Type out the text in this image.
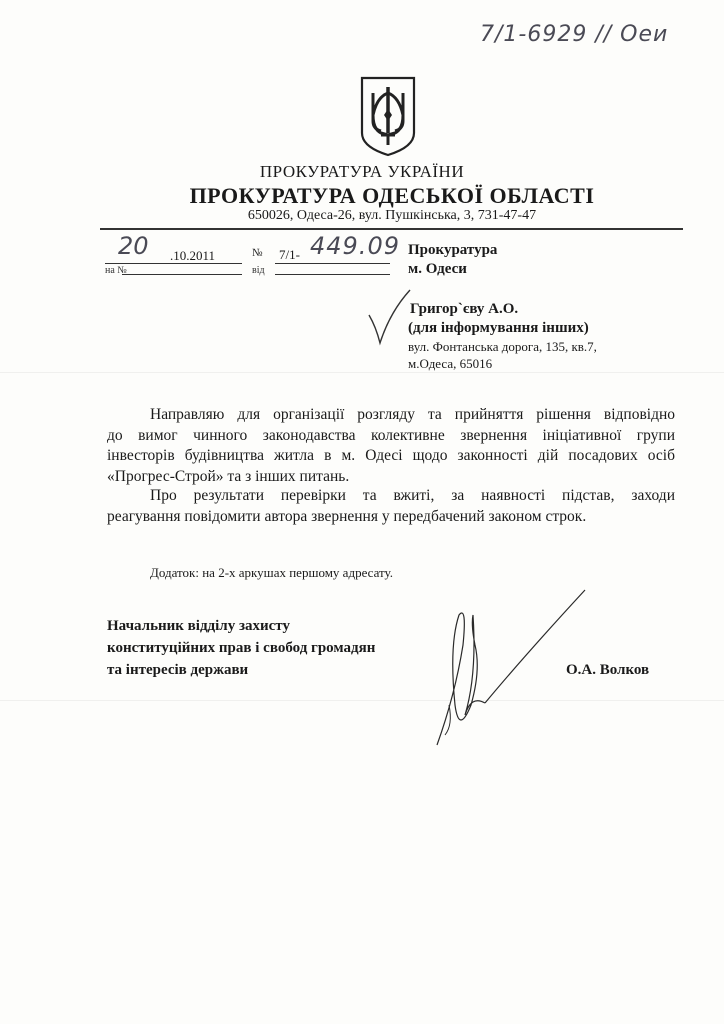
7/1-6929 // Оеи
ПРОКУРАТУРА УКРАЇНИ
ПРОКУРАТУРА ОДЕСЬКОЇ ОБЛАСТІ
650026, Одеса-26, вул. Пушкінська, 3, 731-47-47
20 .10.2011
на №
№ 7/1- 449.09
від
Прокуратура
м. Одеси
Григор`єву А.О.
(для інформування інших)
вул. Фонтанська дорога, 135, кв.7,
м.Одеса, 65016
Направляю для організації розгляду та прийняття рішення відповідно
до вимог чинного законодавства колективне звернення ініціативної групи
інвесторів будівництва житла в м. Одесі щодо законності дій посадових осіб
«Прогрес-Строй» та з інших питань.
Про результати перевірки та вжиті, за наявності підстав, заходи
реагування повідомити автора звернення у передбачений законом строк.
Додаток: на 2-х аркушах першому адресату.
Начальник відділу захисту
конституційних прав і свобод громадян
та інтересів держави	О.А. Волков
